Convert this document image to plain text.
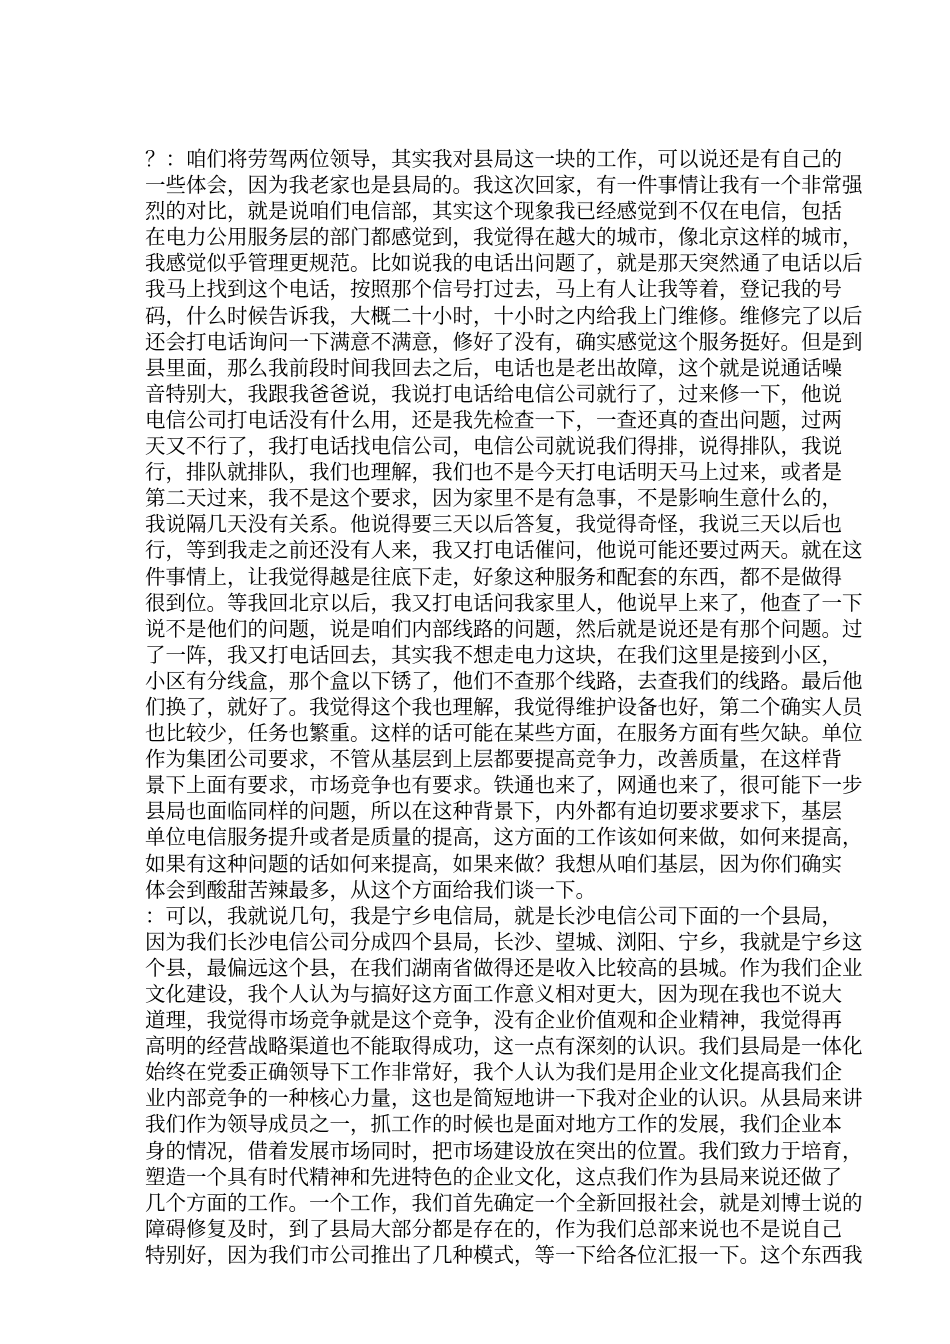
？：咱们将劳驾两位领导，其实我对县局这一块的工作，可以说还是有自己的
一些体会，因为我老家也是县局的。我这次回家，有一件事情让我有一个非常强
烈的对比，就是说咱们电信部，其实这个现象我已经感觉到不仅在电信，包括
在电力公用服务层的部门都感觉到，我觉得在越大的城市，像北京这样的城市，
我感觉似乎管理更规范。比如说我的电话出问题了，就是那天突然通了电话以后
我马上找到这个电话，按照那个信号打过去，马上有人让我等着，登记我的号
码，什么时候告诉我，大概二十小时，十小时之内给我上门维修。维修完了以后
还会打电话询问一下满意不满意，修好了没有，确实感觉这个服务挺好。但是到
县里面，那么我前段时间我回去之后，电话也是老出故障，这个就是说通话噪
音特别大，我跟我爸爸说，我说打电话给电信公司就行了，过来修一下，他说
电信公司打电话没有什么用，还是我先检查一下，一查还真的查出问题，过两
天又不行了，我打电话找电信公司，电信公司就说我们得排，说得排队，我说
行，排队就排队，我们也理解，我们也不是今天打电话明天马上过来，或者是
第二天过来，我不是这个要求，因为家里不是有急事，不是影响生意什么的，
我说隔几天没有关系。他说得要三天以后答复，我觉得奇怪，我说三天以后也
行，等到我走之前还没有人来，我又打电话催问，他说可能还要过两天。就在这
件事情上，让我觉得越是往底下走，好象这种服务和配套的东西，都不是做得
很到位。等我回北京以后，我又打电话问我家里人，他说早上来了，他查了一下
说不是他们的问题，说是咱们内部线路的问题，然后就是说还是有那个问题。过
了一阵，我又打电话回去，其实我不想走电力这块，在我们这里是接到小区，
小区有分线盒，那个盒以下锈了，他们不查那个线路，去查我们的线路。最后他
们换了，就好了。我觉得这个我也理解，我觉得维护设备也好，第二个确实人员
也比较少，任务也繁重。这样的话可能在某些方面，在服务方面有些欠缺。单位
作为集团公司要求，不管从基层到上层都要提高竞争力，改善质量，在这样背
景下上面有要求，市场竞争也有要求。铁通也来了，网通也来了，很可能下一步
县局也面临同样的问题，所以在这种背景下，内外都有迫切要求要求下，基层
单位电信服务提升或者是质量的提高，这方面的工作该如何来做，如何来提高，
如果有这种问题的话如何来提高，如果来做？我想从咱们基层，因为你们确实
体会到酸甜苦辣最多，从这个方面给我们谈一下。
：可以，我就说几句，我是宁乡电信局，就是长沙电信公司下面的一个县局，
因为我们长沙电信公司分成四个县局，长沙、望城、浏阳、宁乡，我就是宁乡这
个县，最偏远这个县，在我们湖南省做得还是收入比较高的县城。作为我们企业
文化建设，我个人认为与搞好这方面工作意义相对更大，因为现在我也不说大
道理，我觉得市场竞争就是这个竞争，没有企业价值观和企业精神，我觉得再
高明的经营战略渠道也不能取得成功，这一点有深刻的认识。我们县局是一体化
始终在党委正确领导下工作非常好，我个人认为我们是用企业文化提高我们企
业内部竞争的一种核心力量，这也是简短地讲一下我对企业的认识。从县局来讲
我们作为领导成员之一，抓工作的时候也是面对地方工作的发展，我们企业本
身的情况，借着发展市场同时，把市场建设放在突出的位置。我们致力于培育，
塑造一个具有时代精神和先进特色的企业文化，这点我们作为县局来说还做了
几个方面的工作。一个工作，我们首先确定一个全新回报社会，就是刘博士说的
障碍修复及时，到了县局大部分都是存在的，作为我们总部来说也不是说自己
特别好，因为我们市公司推出了几种模式，等一下给各位汇报一下。这个东西我
